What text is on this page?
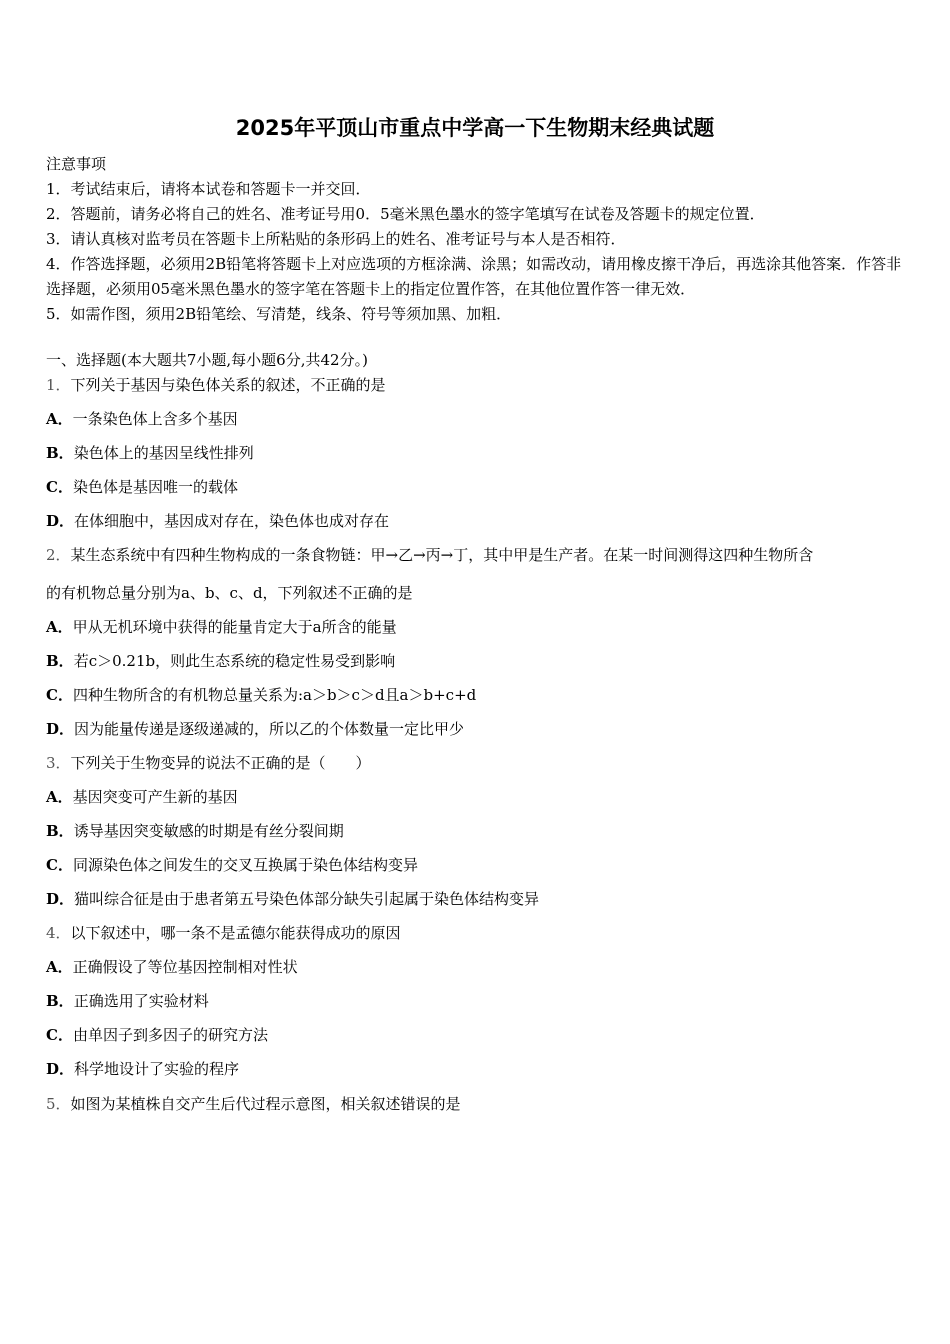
2025年平顶山市重点中学高一下生物期末经典试题
注意事项
1．考试结束后，请将本试卷和答题卡一并交回．
2．答题前，请务必将自己的姓名、准考证号用0．5毫米黑色墨水的签字笔填写在试卷及答题卡的规定位置．
3．请认真核对监考员在答题卡上所粘贴的条形码上的姓名、准考证号与本人是否相符．
4．作答选择题，必须用2B铅笔将答题卡上对应选项的方框涂满、涂黑；如需改动，请用橡皮擦干净后，再选涂其他答案．作答非选择题，必须用05毫米黑色墨水的签字笔在答题卡上的指定位置作答，在其他位置作答一律无效．
5．如需作图，须用2B铅笔绘、写清楚，线条、符号等须加黑、加粗．
一、选择题(本大题共7小题,每小题6分,共42分。)
1．下列关于基因与染色体关系的叙述，不正确的是
A．一条染色体上含多个基因
B．染色体上的基因呈线性排列
C．染色体是基因唯一的载体
D．在体细胞中，基因成对存在，染色体也成对存在
2．某生态系统中有四种生物构成的一条食物链：甲→乙→丙→丁，其中甲是生产者。在某一时间测得这四种生物所含
的有机物总量分别为a、b、c、d，下列叙述不正确的是
A．甲从无机环境中获得的能量肯定大于a所含的能量
B．若c＞0.21b，则此生态系统的稳定性易受到影响
C．四种生物所含的有机物总量关系为:a＞b＞c＞d且a＞b+c+d
D．因为能量传递是逐级递减的，所以乙的个体数量一定比甲少
3．下列关于生物变异的说法不正确的是（　　）
A．基因突变可产生新的基因
B．诱导基因突变敏感的时期是有丝分裂间期
C．同源染色体之间发生的交叉互换属于染色体结构变异
D．猫叫综合征是由于患者第五号染色体部分缺失引起属于染色体结构变异
4．以下叙述中，哪一条不是孟德尔能获得成功的原因
A．正确假设了等位基因控制相对性状
B．正确选用了实验材料
C．由单因子到多因子的研究方法
D．科学地设计了实验的程序
5．如图为某植株自交产生后代过程示意图，相关叙述错误的是
